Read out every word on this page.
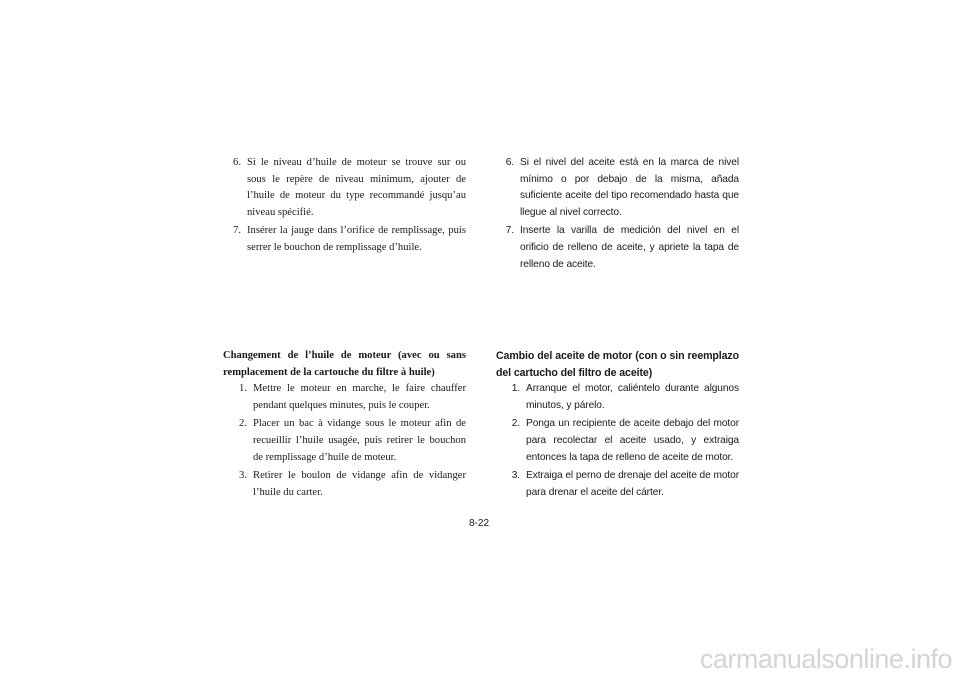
6. Si le niveau d’huile de moteur se trouve sur ou sous le repère de niveau minimum, ajouter de l’huile de moteur du type recommandé jusqu’au niveau spécifié.
7. Insérer la jauge dans l’orifice de remplissage, puis serrer le bouchon de remplissage d’huile.
6. Si el nivel del aceite está en la marca de nivel mínimo o por debajo de la misma, añada suficiente aceite del tipo recomendado hasta que llegue al nivel correcto.
7. Inserte la varilla de medición del nivel en el orificio de relleno de aceite, y apriete la tapa de relleno de aceite.

Changement de l’huile de moteur (avec ou sans remplacement de la cartouche du filtre à huile)

1. Mettre le moteur en marche, le faire chauffer pendant quelques minutes, puis le couper.
2. Placer un bac à vidange sous le moteur afin de recueillir l’huile usagée, puis retirer le bouchon de remplissage d’huile de moteur.
3. Retirer le boulon de vidange afin de vidanger l’huile du carter.

Cambio del aceite de motor (con o sin reemplazo del cartucho del filtro de aceite)

1. Arranque el motor, caliéntelo durante algunos minutos, y párelo.
2. Ponga un recipiente de aceite debajo del motor para recolectar el aceite usado, y extraiga entonces la tapa de relleno de aceite de motor.
3. Extraiga el perno de drenaje del aceite de motor para drenar el aceite del cárter.
8-22
carmanualsonline.info
